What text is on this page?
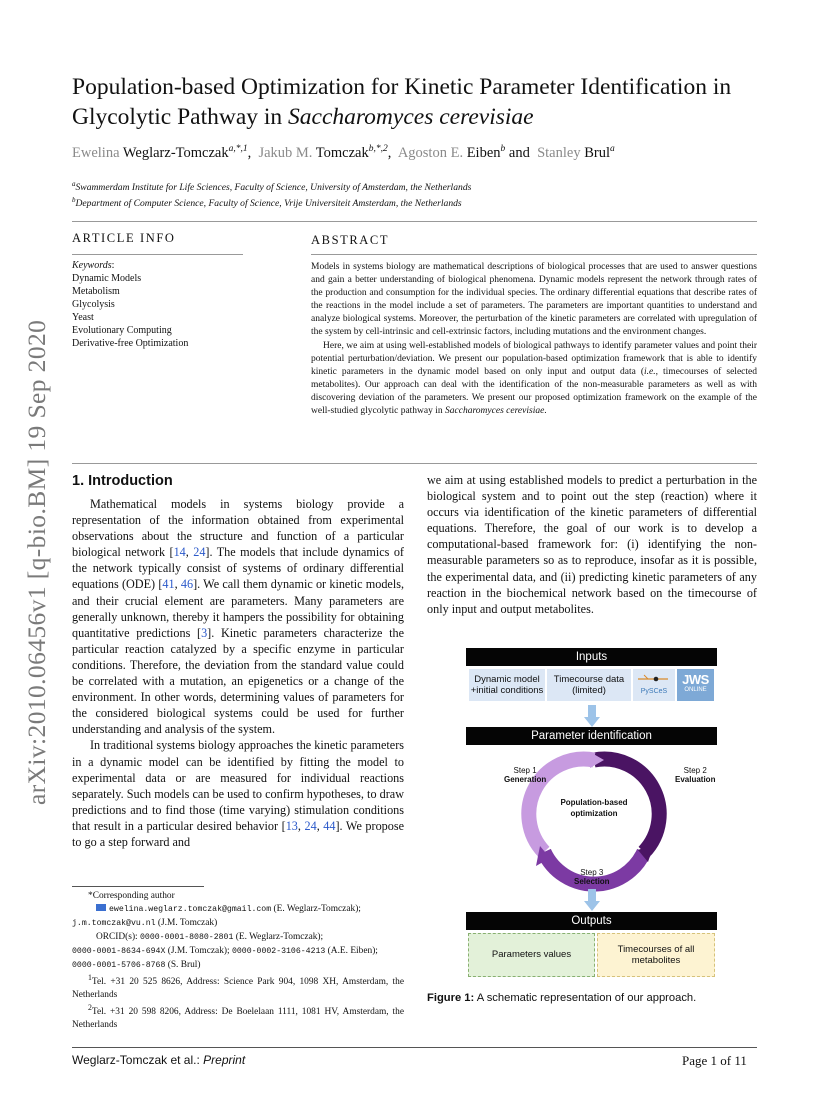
arXiv:2010.06456v1 [q-bio.BM] 19 Sep 2020
Population-based Optimization for Kinetic Parameter Identification in
Glycolytic Pathway in Saccharomyces cerevisiae
Ewelina Weglarz-Tomczak$^{a,*,1}$,  Jakub M. Tomczak$^{b,*,2}$,  Agoston E. Eiben$^b$ and  Stanley Brul$^a$
$^a$Swammerdam Institute for Life Sciences, Faculty of Science, University of Amsterdam, the Netherlands
$^b$Department of Computer Science, Faculty of Science, Vrije Universiteit Amsterdam, the Netherlands
ARTICLE INFO
Keywords:
Dynamic Models
Metabolism
Glycolysis
Yeast
Evolutionary Computing
Derivative-free Optimization
ABSTRACT

Models in systems biology are mathematical descriptions of biological processes that are used to answer questions and gain a better understanding of biological phenomena. Dynamic models represent the network through rates of the production and consumption for the individual species. The ordinary differential equations that describe rates of the reactions in the model include a set of parameters. The parameters are important quantities to understand and analyze biological systems. Moreover, the perturbation of the kinetic parameters are correlated with upregulation of the system by cell-intrinsic and cell-extrinsic factors, including mutations and the environment changes.

Here, we aim at using well-established models of biological pathways to identify parameter values and point their potential perturbation/deviation. We present our population-based optimization framework that is able to identify kinetic parameters in the dynamic model based on only input and output data (i.e., timecourses of selected metabolites). Our approach can deal with the identification of the non-measurable parameters as well as with discovering deviation of the parameters. We present our proposed optimization framework on the example of the well-studied glycolytic pathway in Saccharomyces cerevisiae.

1. Introduction

Mathematical models in systems biology provide a representation of the information obtained from experimental observations about the structure and function of a particular biological network [14, 24]. The models that include dynamics of the network typically consist of systems of ordinary differential equations (ODE) [41, 46]. We call them dynamic or kinetic models, and their crucial element are parameters. Many parameters are generally unknown, thereby it hampers the possibility for obtaining quantitative predictions [3]. Kinetic parameters characterize the particular reaction catalyzed by a specific enzyme in particular conditions. Therefore, the deviation from the standard value could be correlated with a mutation, an epigenetics or a change of the environment. In other words, determining values of parameters for the considered biological systems could be used for further understanding and analysis of the system.

In traditional systems biology approaches the kinetic parameters in a dynamic model can be identified by fitting the model to experimental data or are measured for individual reactions separately. Such models can be used to confirm hypotheses, to draw predictions and to find those (time varying) stimulation conditions that result in a particular desired behavior [13, 24, 44]. We propose to go a step forward and

we aim at using established models to predict a perturbation in the biological system and to point out the step (reaction) where it occurs via identification of the kinetic parameters of differential equations. Therefore, the goal of our work is to develop a computational-based framework for: (i) identifying the non-measurable parameters so as to reproduce, insofar as it is possible, the experimental data, and (ii) predicting kinetic parameters of any reaction in the biochemical network based on the timecourse of only input and output metabolites.

*Corresponding author
ewelina.weglarz.tomczak@gmail.com (E. Weglarz-Tomczak);
j.m.tomczak@vu.nl (J.M. Tomczak)
ORCID(s): 0000-0001-8080-2801 (E. Weglarz-Tomczak);
0000-0001-8634-694X (J.M. Tomczak); 0000-0002-3106-4213 (A.E. Eiben);
0000-0001-5706-8768 (S. Brul)
$^1$Tel. +31 20 525 8626, Address: Science Park 904, 1098 XH, Amsterdam, the Netherlands
$^2$Tel. +31 20 598 8206, Address: De Boelelaan 1111, 1081 HV, Amsterdam, the Netherlands
Inputs
Dynamic model
+initial conditions
Timecourse data
(limited)	PySCeS
JWS
ONLINE
Parameter identification
Step 1
Generation
Step 2
Evaluation
Step 3
Selection
Population-based
optimization
Outputs
Parameters values
Timecourses of all
metabolites
Figure 1: A schematic representation of our approach.
Weglarz-Tomczak et al.: Preprint	Page 1 of 11
